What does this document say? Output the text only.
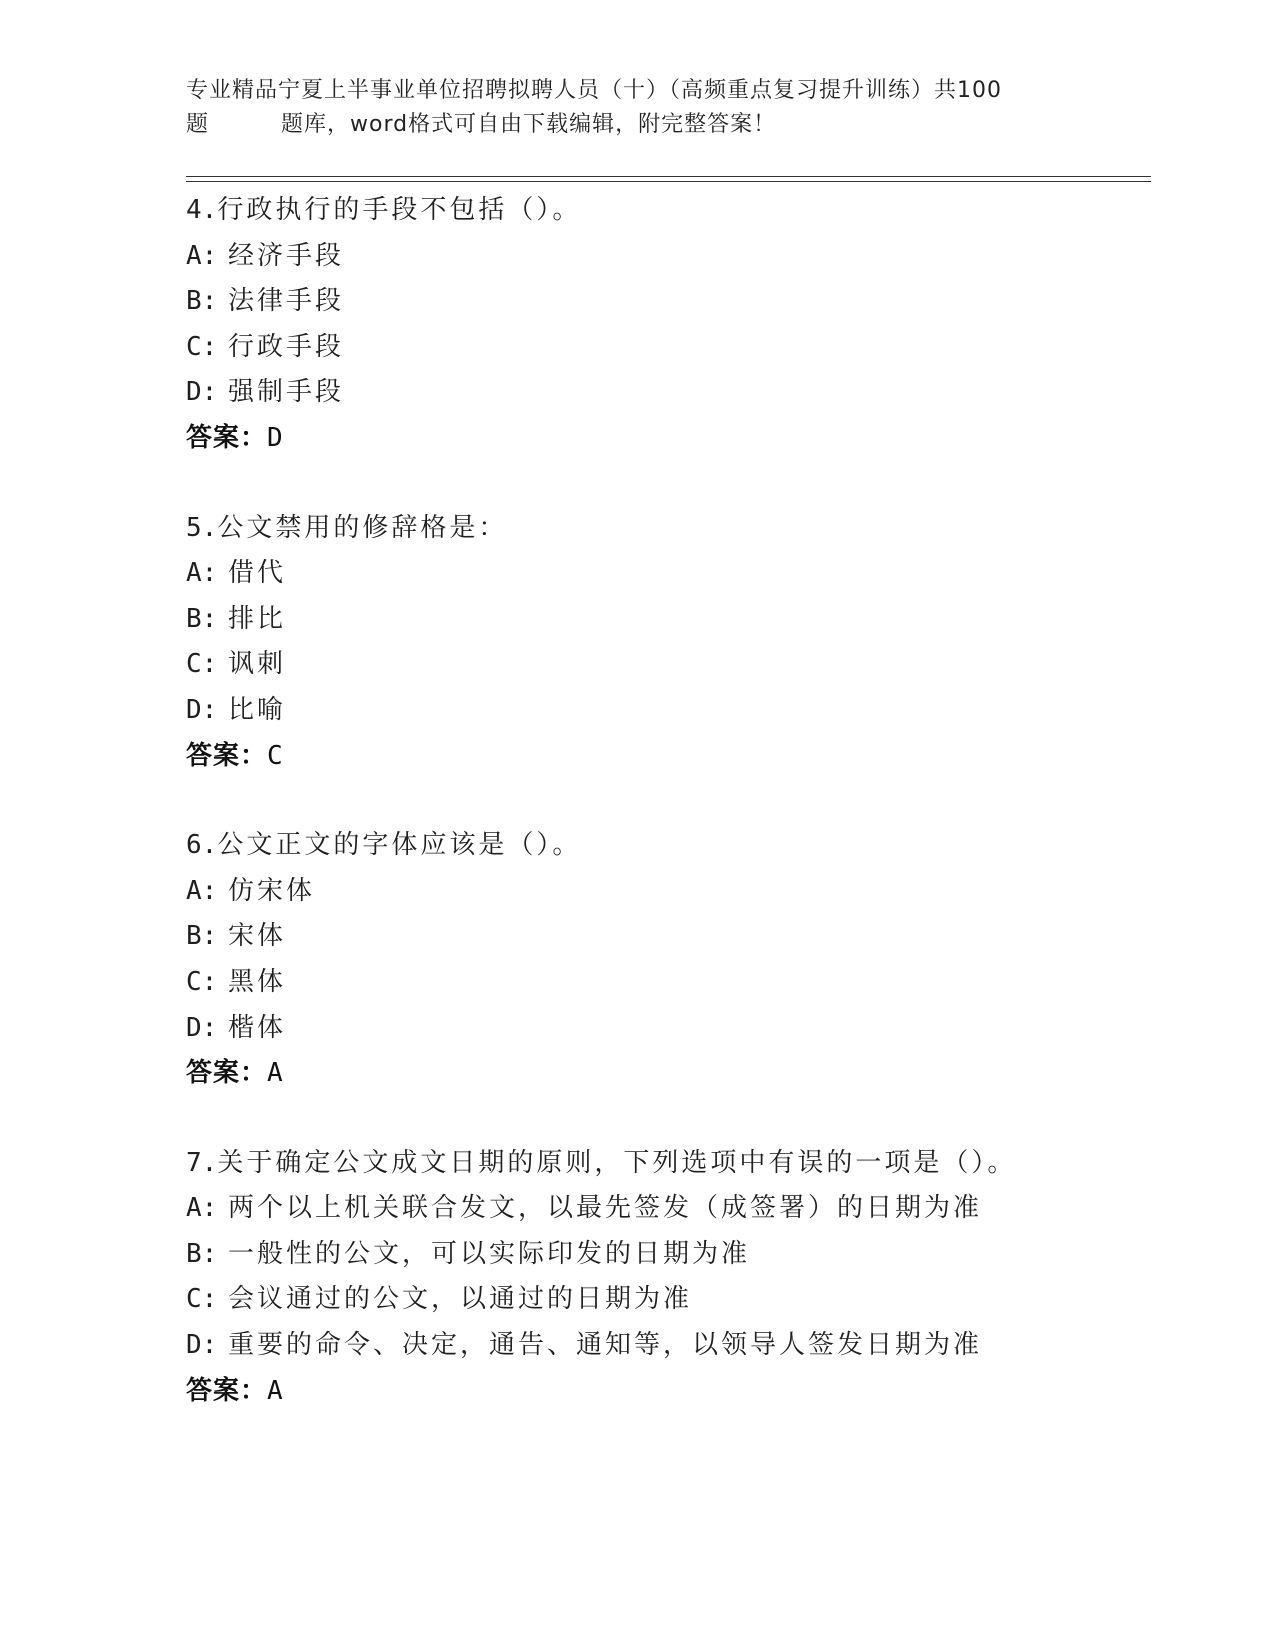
专业精品宁夏上半事业单位招聘拟聘人员（十）（高频重点复习提升训练）共100
题	题库，word格式可自由下载编辑，附完整答案！
4.行政执行的手段不包括（）。
A: 经济手段
B: 法律手段
C: 行政手段
D: 强制手段
答案：D
5.公文禁用的修辞格是：
A: 借代
B: 排比
C: 讽刺
D: 比喻
答案：C
6.公文正文的字体应该是（）。
A: 仿宋体
B: 宋体
C: 黑体
D: 楷体
答案：A
7.关于确定公文成文日期的原则，下列选项中有误的一项是（）。
A: 两个以上机关联合发文，以最先签发（成签署）的日期为准
B: 一般性的公文，可以实际印发的日期为准
C: 会议通过的公文，以通过的日期为准
D: 重要的命令、决定，通告、通知等，以领导人签发日期为准
答案：A
